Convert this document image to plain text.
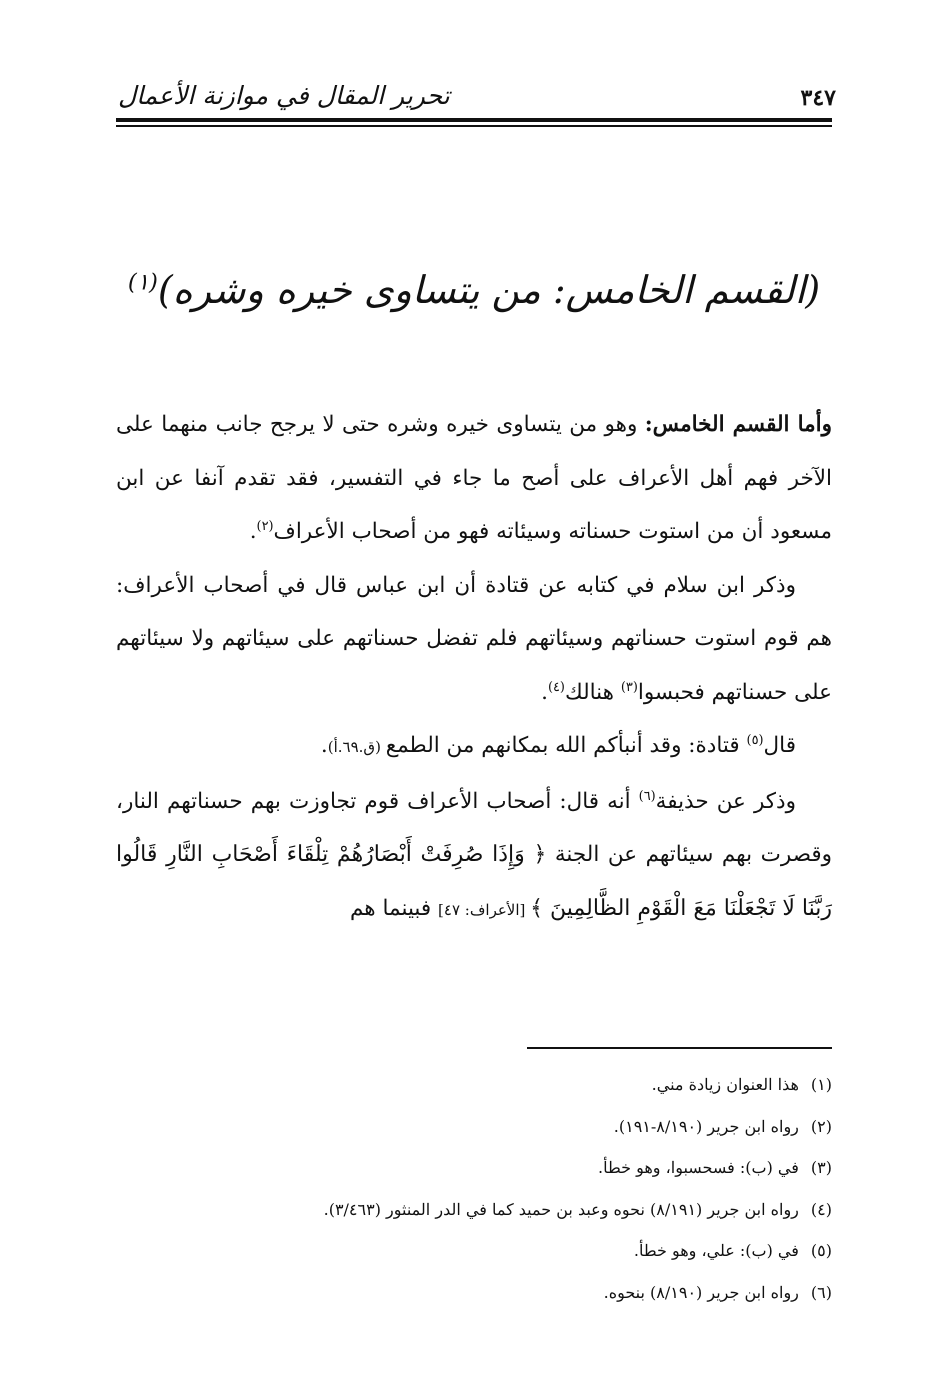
٣٤٧
تحرير المقال في موازنة الأعمال
(القسم الخامس: من يتساوى خيره وشره)$^{(١)}$

وأما القسم الخامس: وهو من يتساوى خيره وشره حتى لا يرجح جانب منهما على الآخر فهم أهل الأعراف على أصح ما جاء في التفسير، فقد تقدم آنفا عن ابن مسعود أن من استوت حسناته وسيئاته فهو من أصحاب الأعراف$^{(٢)}$.

وذكر ابن سلام في كتابه عن قتادة أن ابن عباس قال في أصحاب الأعراف: هم قوم استوت حسناتهم وسيئاتهم فلم تفضل حسناتهم على سيئاتهم ولا سيئاتهم على حسناتهم فحبسوا$^{(٣)}$ هنالك$^{(٤)}$.

قال$^{(٥)}$ قتادة: وقد أنبأكم الله بمكانهم من الطمع (ق.٦٩.أ).

وذكر عن حذيفة$^{(٦)}$ أنه قال: أصحاب الأعراف قوم تجاوزت بهم حسناتهم النار، وقصرت بهم سيئاتهم عن الجنة ﴿ وَإِذَا صُرِفَتْ أَبْصَارُهُمْ تِلْقَاءَ أَصْحَابِ النَّارِ قَالُوا رَبَّنَا لَا تَجْعَلْنَا مَعَ الْقَوْمِ الظَّالِمِينَ ﴾ [الأعراف: ٤٧] فبينما هم

(١)هذا العنوان زيادة مني.
(٢)رواه ابن جرير (٨/١٩٠-١٩١).
(٣)في (ب): فسحسبوا، وهو خطأ.
(٤)رواه ابن جرير (٨/١٩١) نحوه وعبد بن حميد كما في الدر المنثور (٣/٤٦٣).
(٥)في (ب): علي، وهو خطأ.
(٦)رواه ابن جرير (٨/١٩٠) بنحوه.
